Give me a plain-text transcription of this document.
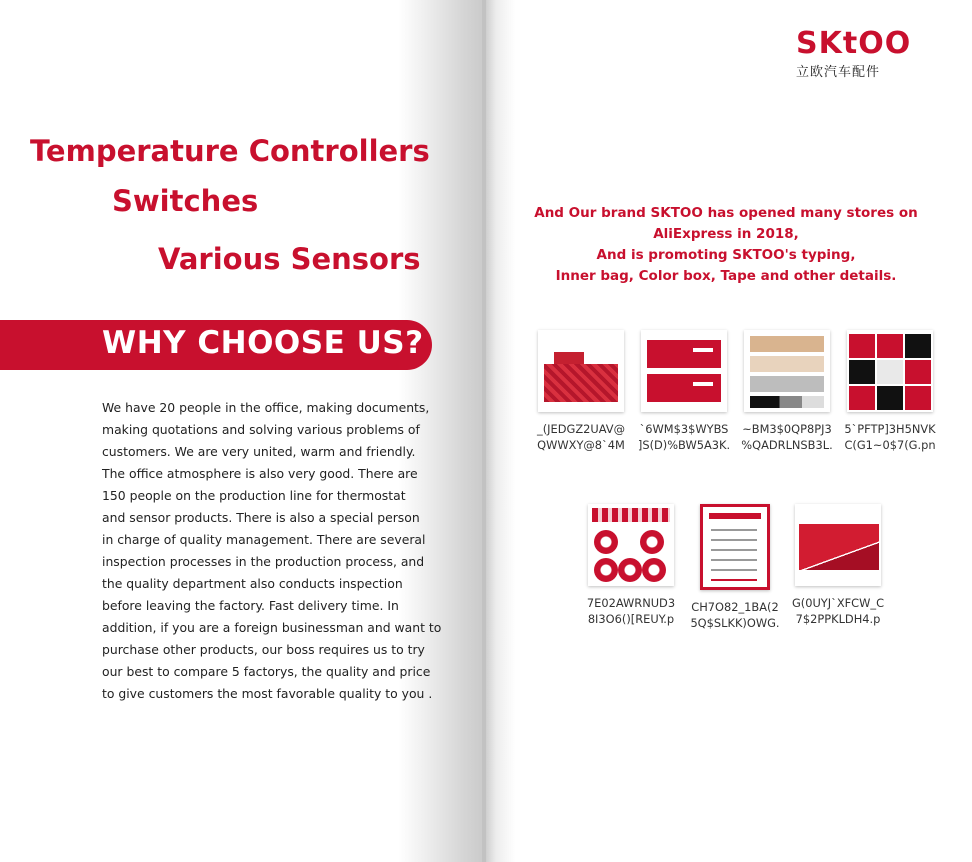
Temperature Controllers
Switches
Various Sensors
WHY CHOOSE US?
We have 20 people in the office, making documents,
making quotations and solving various problems of
customers. We are very united, warm and friendly.
The office atmosphere is also very good. There are
150 people on the production line for thermostat
and sensor products. There is also a special person
in charge of quality management. There are several
inspection processes in the production process, and
the quality department also conducts inspection
before leaving the factory. Fast delivery time. In
addition, if you are a foreign businessman and want to
purchase other products, our boss requires us to try
our best to compare 5 factorys, the quality and price
to give customers the most favorable quality to you .
SKtOO
立欧汽车配件
And Our brand SKTOO has opened many stores on
AliExpress in 2018,
And is promoting SKTOO's typing,
Inner bag, Color box, Tape and other details.
_(JEDGZ2UAV@
QWWXY@8`4M
`6WM$3$WYBS
]S(D)%BW5A3K.
~BM3$0QP8PJ3
%QADRLNSB3L.
5`PFTP]3H5NVK
C(G1~0$7(G.pn
7E02AWRNUD3
8I3O6()[REUY.p
CH7O82_1BA(2
5Q$SLKK)OWG.
G(0UYJ`XFCW_C
7$2PPKLDH4.p
